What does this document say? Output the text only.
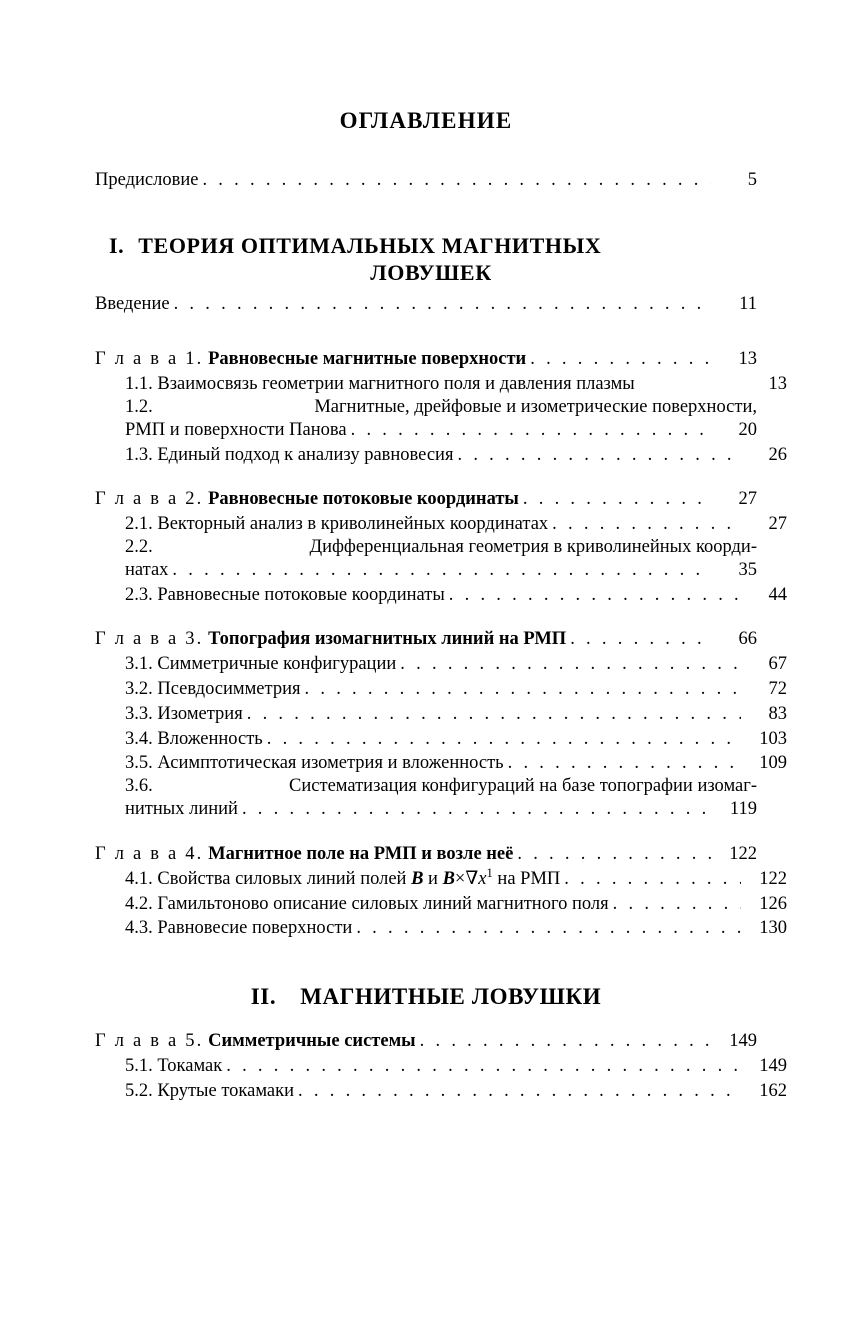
ОГЛАВЛЕНИЕ
Предисловие . . .	5
I. ТЕОРИЯ ОПТИМАЛЬНЫХ МАГНИТНЫХ
ЛОВУШЕК
Введение . . .	11
Г л а в а 1. Равновесные магнитные поверхности . . .	13
1.1. Взаимосвязь геометрии магнитного поля и давления плазмы	13
1.2.	Магнитные, дрейфовые и изометрические поверхности,
РМП и поверхности Панова . . .	20
1.3. Единый подход к анализу равновесия . . .	26
Г л а в а 2. Равновесные потоковые координаты . . .	27
2.1. Векторный анализ в криволинейных координатах . . .	27
2.2.	Дифференциальная геометрия в криволинейных коорди-
натах . . .	35
2.3. Равновесные потоковые координаты . . .	44
Г л а в а 3. Топография изомагнитных линий на РМП . . .	66
3.1. Симметричные конфигурации . . .	67
3.2. Псевдосимметрия . . .	72
3.3. Изометрия . . .	83
3.4. Вложенность . . .	103
3.5. Асимптотическая изометрия и вложенность . . .	109
3.6.	Систематизация конфигураций на базе топографии изомаг-
нитных линий . . .	119
Г л а в а 4. Магнитное поле на РМП и возле неё . . .	122
4.1. Свойства силовых линий полей B и $B\times\nabla x^1$ на РМП . . .	122
4.2. Гамильтоново описание силовых линий магнитного поля . . .	126
4.3. Равновесие поверхности . . .	130
II. МАГНИТНЫЕ ЛОВУШКИ
Г л а в а 5. Симметричные системы . . .	149
5.1. Токамак . . .	149
5.2. Крутые токамаки . . .	162
